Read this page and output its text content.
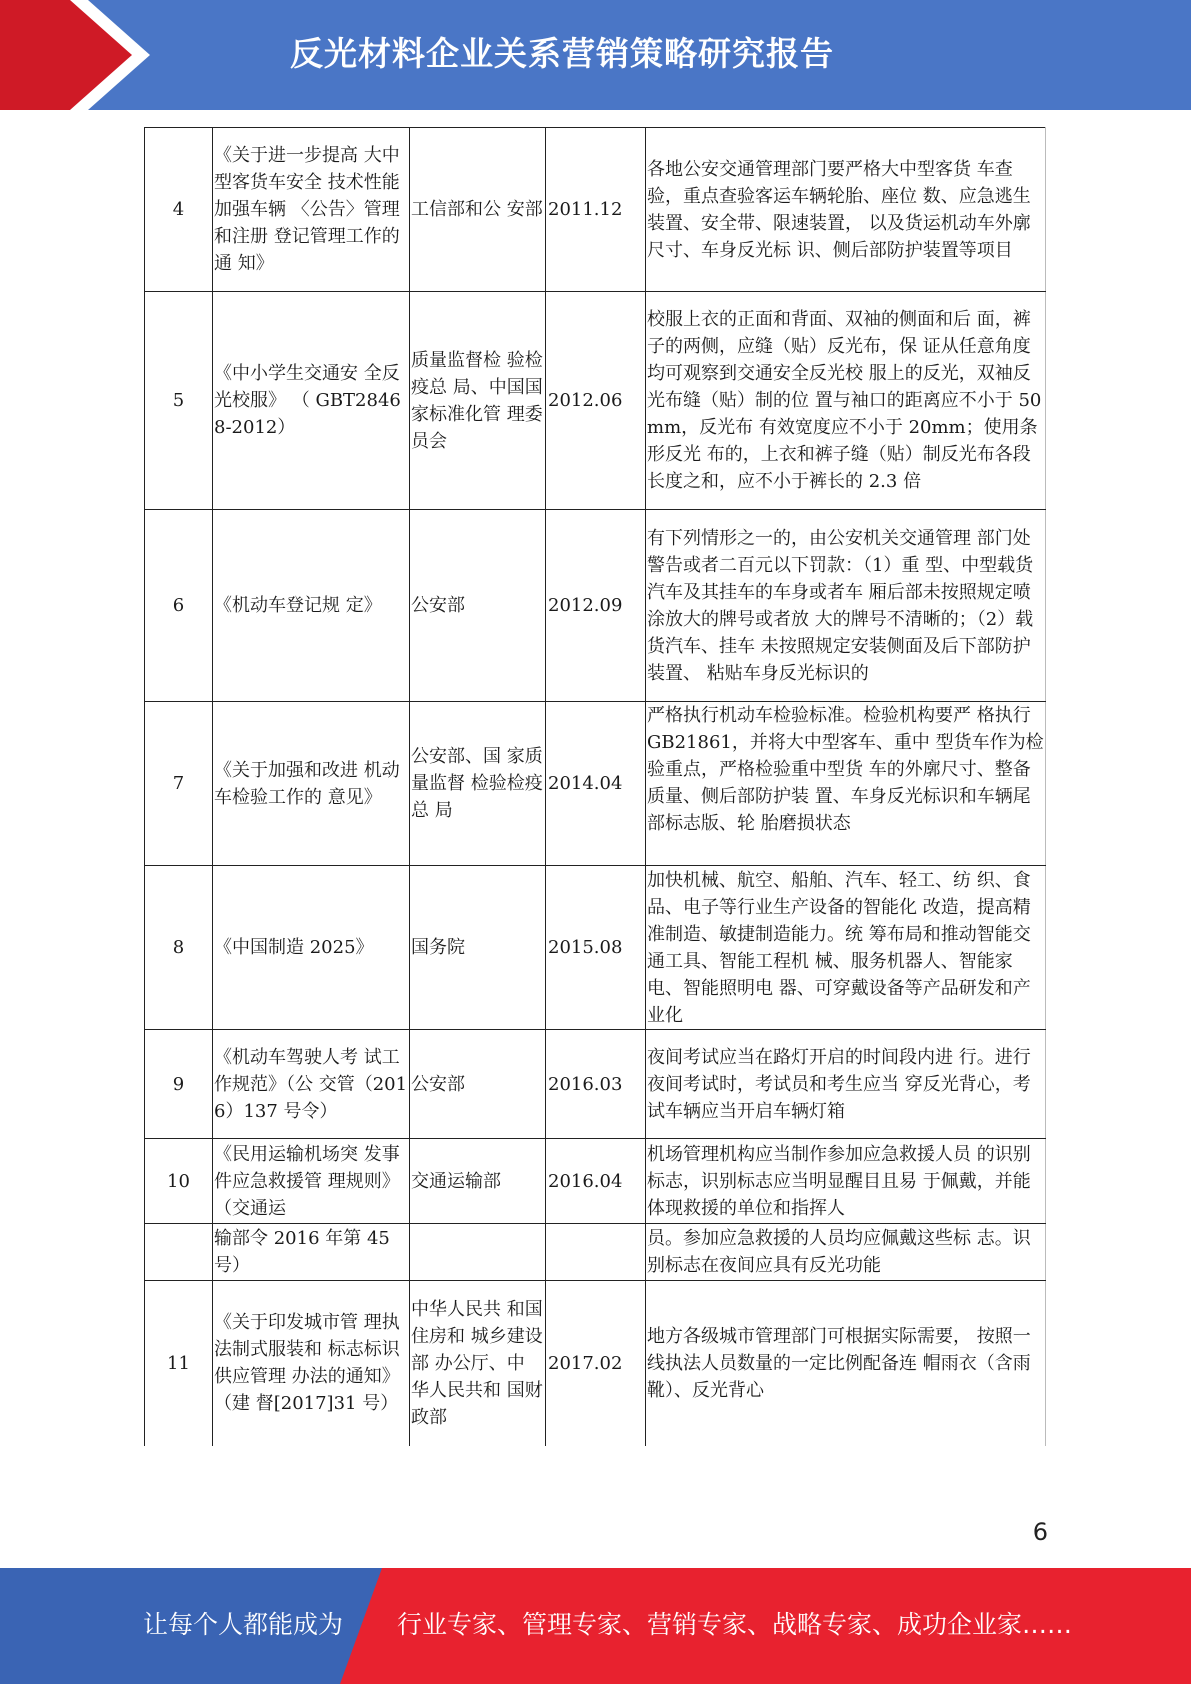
反光材料企业关系营销策略研究报告
4	《关于进一步提高 大中型客货车安全 技术性能加强车辆 〈公告〉管理和注册 登记管理工作的通 知》	工信部和公 安部	2011.12	各地公安交通管理部门要严格大中型客货 车查验，重点查验客运车辆轮胎、座位 数、应急逃生装置、安全带、限速装置， 以及货运机动车外廓尺寸、车身反光标 识、侧后部防护装置等项目
5	《中小学生交通安 全反光校服》 （ GBT28468-2012）	质量监督检 验检疫总 局、中国国 家标准化管 理委员会	2012.06	校服上衣的正面和背面、双袖的侧面和后 面，裤子的两侧，应缝（贴）反光布，保 证从任意角度均可观察到交通安全反光校 服上的反光，双袖反光布缝（贴）制的位 置与袖口的距离应不小于 50mm，反光布 有效宽度应不小于 20mm；使用条形反光 布的，上衣和裤子缝（贴）制反光布各段 长度之和，应不小于裤长的 2.3 倍
6	《机动车登记规 定》	公安部	2012.09	有下列情形之一的，由公安机关交通管理 部门处警告或者二百元以下罚款：（1）重 型、中型载货汽车及其挂车的车身或者车 厢后部未按照规定喷涂放大的牌号或者放 大的牌号不清晰的；（2）载货汽车、挂车 未按照规定安装侧面及后下部防护装置、 粘贴车身反光标识的
7	《关于加强和改进 机动车检验工作的 意见》	公安部、国 家质量监督 检验检疫总 局	2014.04	严格执行机动车检验标准。检验机构要严 格执行 GB21861，并将大中型客车、重中 型货车作为检验重点，严格检验重中型货 车的外廓尺寸、整备质量、侧后部防护装 置、车身反光标识和车辆尾部标志版、轮 胎磨损状态
8	《中国制造 2025》	国务院	2015.08	加快机械、航空、船舶、汽车、轻工、纺 织、食品、电子等行业生产设备的智能化 改造，提高精准制造、敏捷制造能力。统 筹布局和推动智能交通工具、智能工程机 械、服务机器人、智能家电、智能照明电 器、可穿戴设备等产品研发和产业化
9	《机动车驾驶人考 试工作规范》（公 交管（2016）137 号令）	公安部	2016.03	夜间考试应当在路灯开启的时间段内进 行。进行夜间考试时，考试员和考生应当 穿反光背心，考试车辆应当开启车辆灯箱
10	《民用运输机场突 发事件应急救援管 理规则》（交通运	交通运输部	2016.04	机场管理机构应当制作参加应急救援人员 的识别标志，识别标志应当明显醒目且易 于佩戴，并能体现救援的单位和指挥人
	输部令 2016 年第 45 号）			员。参加应急救援的人员均应佩戴这些标 志。识别标志在夜间应具有反光功能
11	《关于印发城市管 理执法制式服装和 标志标识供应管理 办法的通知》（建 督[2017]31 号）	中华人民共 和国住房和 城乡建设部 办公厅、中 华人民共和 国财政部	2017.02	地方各级城市管理部门可根据实际需要， 按照一线执法人员数量的一定比例配备连 帽雨衣（含雨靴）、反光背心
6
让每个人都能成为 行业专家、管理专家、营销专家、战略专家、成功企业家……
